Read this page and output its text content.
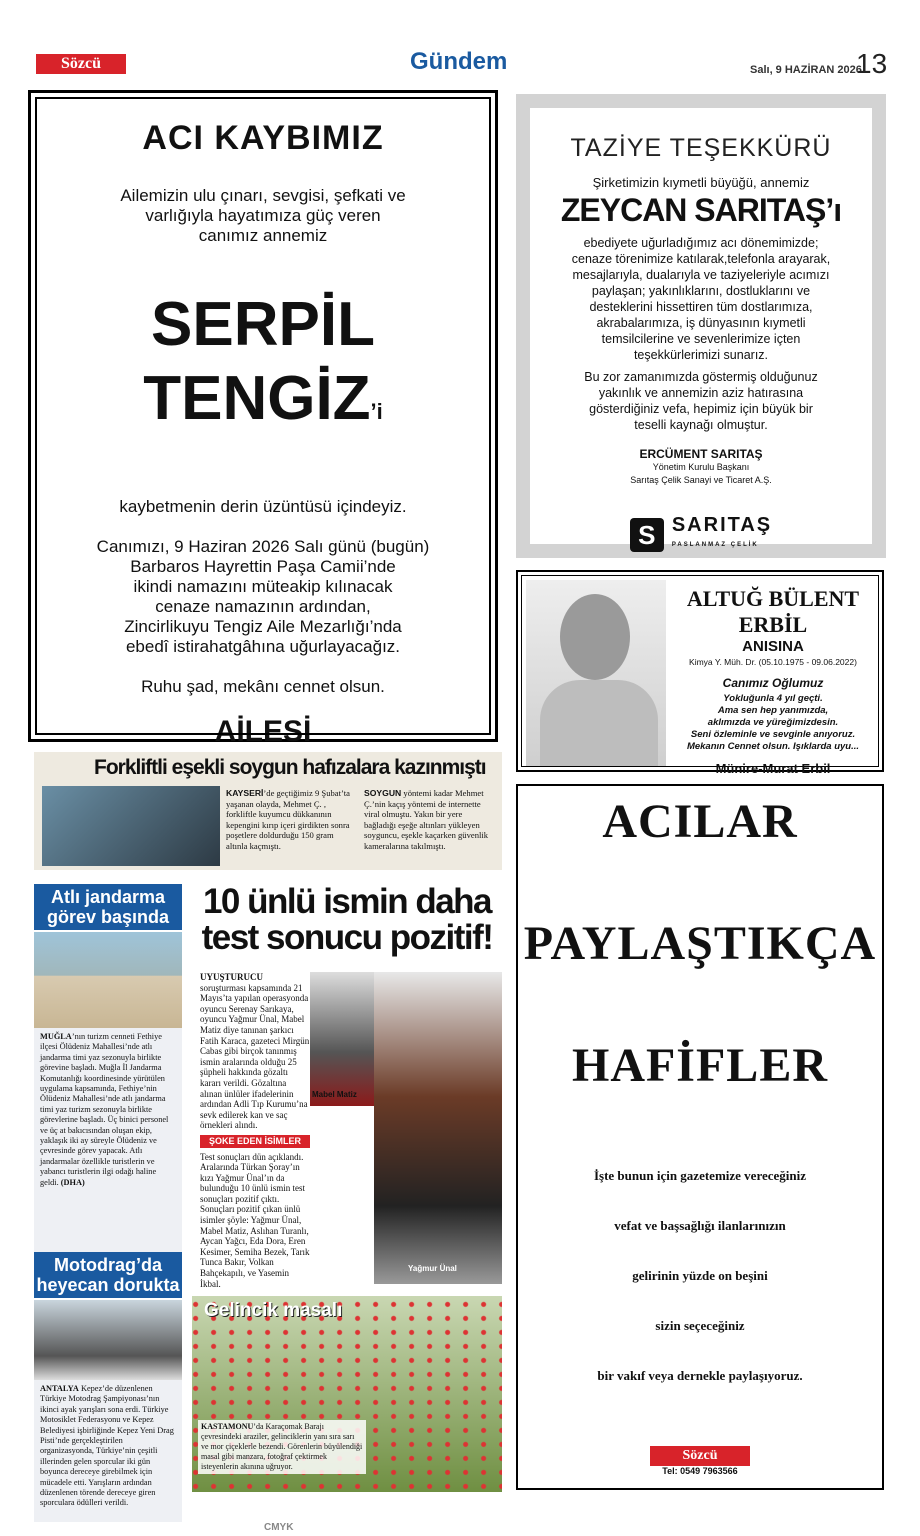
Sözcü	Gündem	Salı, 9 HAZİRAN 2026
13
ACI KAYBIMIZ
Ailemizin ulu çınarı, sevgisi, şefkati ve
varlığıyla hayatımıza güç veren
canımız annemiz
SERPİL
TENGİZ’i
kaybetmenin derin üzüntüsü içindeyiz.
Canımızı, 9 Haziran 2026 Salı günü (bugün)
Barbaros Hayrettin Paşa Camii’nde
ikindi namazını müteakip kılınacak
cenaze namazının ardından,
Zincirlikuyu Tengiz Aile Mezarlığı’nda
ebedî istirahatgâhına uğurlayacağız.
Ruhu şad, mekânı cennet olsun.
AİLESİ
TAZİYE TEŞEKKÜRÜ
Şirketimizin kıymetli büyüğü, annemiz
ZEYCAN SARITAŞ’ı
ebediyete uğurladığımız acı dönemimizde;
cenaze törenimize katılarak,telefonla arayarak,
mesajlarıyla, dualarıyla ve taziyeleriyle acımızı
paylaşan; yakınlıklarını, dostluklarını ve
desteklerini hissettiren tüm dostlarımıza,
akrabalarımıza, iş dünyasının kıymetli
temsilcilerine ve sevenlerimize içten
teşekkürlerimizi sunarız.
Bu zor zamanımızda göstermiş olduğunuz
yakınlık ve annemizin aziz hatırasına
gösterdiğiniz vefa, hepimiz için büyük bir
teselli kaynağı olmuştur.
ERCÜMENT SARITAŞ
Yönetim Kurulu Başkanı
Sarıtaş Çelik Sanayi ve Ticaret A.Ş.
S SARITAŞ
PASLANMAZ ÇELİK
ALTUĞ BÜLENT ERBİL
ANISINA
Kimya Y. Müh. Dr. (05.10.1975 - 09.06.2022)
Canımız Oğlumuz
Yokluğunla 4 yıl geçti.
Ama sen hep yanımızda,
aklımızda ve yüreğimizdesin.
Seni özleminle ve sevginle anıyoruz.
Mekanın Cennet olsun. Işıklarda uyu...
Münire-Murat Erbil
ACILAR
PAYLAŞTIKÇA
HAFİFLER
İşte bunun için gazetemize vereceğiniz
vefat ve başsağlığı ilanlarınızın
gelirinin yüzde on beşini
sizin seçeceğiniz
bir vakıf veya dernekle paylaşıyoruz.
Sözcü
Tel: 0549 7963566
Forkliftli eşekli soygun hafızalara kazınmıştı
KAYSERİ’de geçtiğimiz 9 Şubat’ta yaşanan olayda, Mehmet Ç. , forkliftle kuyumcu dükkanının kepengini kırıp içeri girdikten sonra poşetlere doldurduğu 150 gram altınla kaçmıştı.
SOYGUN yöntemi kadar Mehmet Ç.’nin kaçış yöntemi de internette viral olmuştu. Yakın bir yere bağladığı eşeğe altınları yükleyen soyguncu, eşekle kaçarken güvenlik kameralarına takılmıştı.
Atlı jandarma görev başında
MUĞLA’nın turizm cenneti Fethiye ilçesi Ölüdeniz Mahallesi’nde atlı jandarma timi yaz sezonuyla birlikte görevine başladı. Muğla İl Jandarma Komutanlığı koordinesinde yürütülen uygulama kapsamında, Fethiye’nin Ölüdeniz Mahallesi’nde atlı jandarma timi yaz turizm sezonuyla birlikte görevlerine başladı. Üç binici personel ve üç at bakıcısından oluşan ekip, yaklaşık iki ay süreyle Ölüdeniz ve çevresinde görev yapacak. Atlı jandarmalar özellikle turistlerin ve yabancı turistlerin ilgi odağı haline geldi. (DHA)
Motodrag’da heyecan dorukta
ANTALYA Kepez’de düzenlenen Türkiye Motodrag Şampiyonası’nın ikinci ayak yarışları sona erdi. Türkiye Motosiklet Federasyonu ve Kepez Belediyesi işbirliğinde Kepez Yeni Drag Pisti’nde gerçekleştirilen organizasyonda, Türkiye’nin çeşitli illerinden gelen sporcular iki gün boyunca dereceye girebilmek için mücadele etti. Yarışların ardından düzenlenen törende dereceye giren sporculara ödülleri verildi.
10 ünlü ismin daha
test sonucu pozitif!
Mabel Matiz
Yağmur Ünal
UYUŞTURUCU soruşturması kapsamında 21 Mayıs’ta yapılan operasyonda oyuncu Serenay Sarıkaya, oyuncu Yağmur Ünal, Mabel Matiz diye tanınan şarkıcı Fatih Karaca, gazeteci Mirgün Cabas gibi birçok tanınmış ismin aralarında olduğu 25 şüpheli hakkında gözaltı kararı verildi. Gözaltına alınan ünlüler ifadelerinin ardından Adli Tıp Kurumu’na sevk edilerek kan ve saç örnekleri alındı.
ŞOKE EDEN İSİMLER
Test sonuçları dün açıklandı. Aralarında Türkan Şoray’ın kızı Yağmur Ünal’ın da bulunduğu 10 ünlü ismin test sonuçları pozitif çıktı. Sonuçları pozitif çıkan ünlü isimler şöyle: Yağmur Ünal, Mabel Matiz, Aslıhan Turanlı, Aycan Yağcı, Eda Dora, Eren Kesimer, Semiha Bezek, Tarık Tunca Bakır, Volkan Bahçekapılı, ve Yasemin İkbal.
Gelincik masalı
KASTAMONU’da Karaçomak Barajı çevresindeki araziler, gelinciklerin yanı sıra sarı ve mor çiçeklerle bezendi. Görenlerin büyülendiği masal gibi manzara, fotoğraf çektirmek isteyenlerin akınına uğruyor.
CMYK
